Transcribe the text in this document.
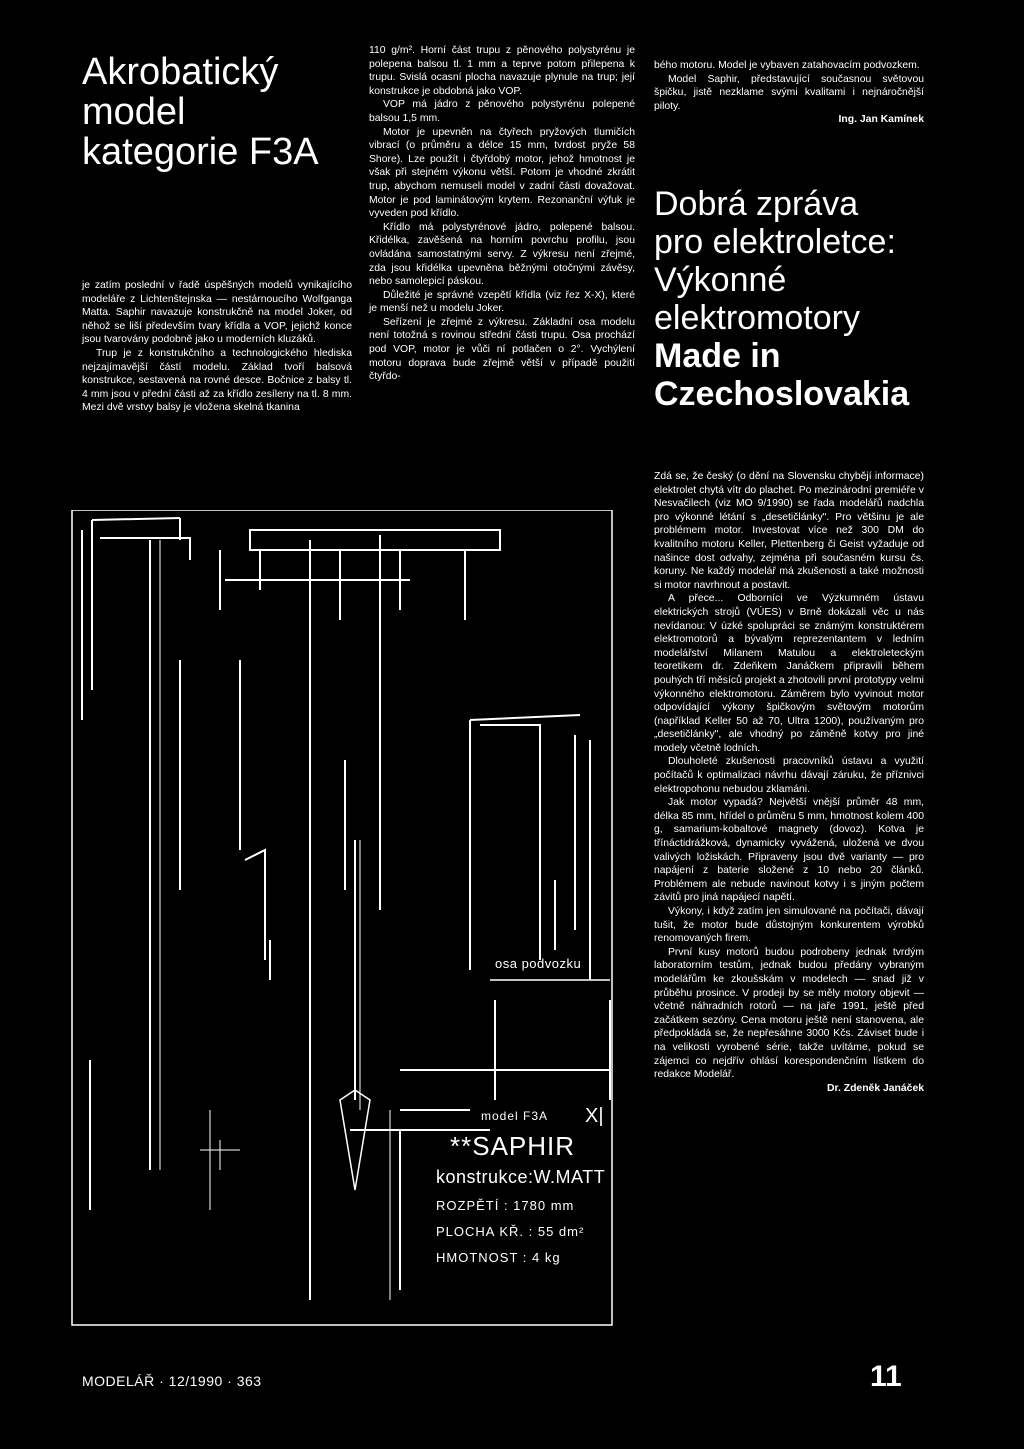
Akrobatický
model
kategorie F3A

je zatím poslední v řadě úspěšných modelů vynikajícího modeláře z Lichtenštejnska — nestárnoucího Wolfganga Matta. Saphir navazuje konstrukčně na model Joker, od něhož se liší především tvary křídla a VOP, jejichž konce jsou tvarovány podobně jako u moderních kluzáků.

Trup je z konstrukčního a technologického hlediska nejzajímavější částí modelu. Základ tvoří balsová konstrukce, sestavená na rovné desce. Bočnice z balsy tl. 4 mm jsou v přední části až za křídlo zesíleny na tl. 8 mm. Mezi dvě vrstvy balsy je vložena skelná tkanina

110 g/m². Horní část trupu z pěnového polystyrénu je polepena balsou tl. 1 mm a teprve potom přilepena k trupu. Svislá ocasní plocha navazuje plynule na trup; její konstrukce je obdobná jako VOP.

VOP má jádro z pěnového polystyrénu polepené balsou 1,5 mm.

Motor je upevněn na čtyřech pryžových tlumičích vibrací (o průměru a délce 15 mm, tvrdost pryže 58 Shore). Lze použít i čtyřdobý motor, jehož hmotnost je však při stejném výkonu větší. Potom je vhodné zkrátit trup, abychom nemuseli model v zadní části dovažovat. Motor je pod laminátovým krytem. Rezonanční výfuk je vyveden pod křídlo.

Křídlo má polystyrénové jádro, polepené balsou. Křidélka, zavěšená na horním povrchu profilu, jsou ovládána samostatnými servy. Z výkresu není zřejmé, zda jsou křidélka upevněna běžnými otočnými závěsy, nebo samolepicí páskou.

Důležité je správné vzepětí křídla (viz řez X-X), které je menší než u modelu Joker.

Seřízení je zřejmé z výkresu. Základní osa modelu není totožná s rovinou střední části trupu. Osa prochází pod VOP, motor je vůči ní potlačen o 2°. Vychýlení motoru doprava bude zřejmě větší v případě použití čtyřdo-

bého motoru. Model je vybaven zatahovacím podvozkem.

Model Saphir, představující současnou světovou špičku, jistě nezklame svými kvalitami i nejnáročnější piloty.

Ing. Jan Kamínek

Dobrá zpráva
pro elektroletce:
Výkonné
elektromotory
Made in
Czechoslovakia

Zdá se, že český (o dění na Slovensku chybějí informace) elektrolet chytá vítr do plachet. Po mezinárodní premiéře v Nesvačilech (viz MO 9/1990) se řada modelářů nadchla pro výkonné létání s „desetičlánky". Pro většinu je ale problémem motor. Investovat více než 300 DM do kvalitního motoru Keller, Plettenberg či Geist vyžaduje od našince dost odvahy, zejména při současném kursu čs. koruny. Ne každý modelář má zkušenosti a také možnosti si motor navrhnout a postavit.

A přece... Odborníci ve Výzkumném ústavu elektrických strojů (VÚES) v Brně dokázali věc u nás nevídanou: V úzké spolupráci se známým konstruktérem elektromotorů a bývalým reprezentantem v ledním modelářství Milanem Matulou a elektroleteckým teoretikem dr. Zdeňkem Janáčkem připravili během pouhých tří měsíců projekt a zhotovili první prototypy velmi výkonného elektromotoru. Záměrem bylo vyvinout motor odpovídající výkony špičkovým světovým motorům (například Keller 50 až 70, Ultra 1200), používaným pro „desetičlánky", ale vhodný po záměně kotvy pro jiné modely včetně lodních.

Dlouholeté zkušenosti pracovníků ústavu a využití počítačů k optimalizaci návrhu dávají záruku, že příznivci elektropohonu nebudou zklamáni.

Jak motor vypadá? Největší vnější průměr 48 mm, délka 85 mm, hřídel o průměru 5 mm, hmotnost kolem 400 g, samarium-kobaltové magnety (dovoz). Kotva je třínáctidrážková, dynamicky vyvážená, uložená ve dvou valivých ložiskách. Připraveny jsou dvě varianty — pro napájení z baterie složené z 10 nebo 20 článků. Problémem ale nebude navinout kotvy i s jiným počtem závitů pro jiná napájecí napětí.

Výkony, i když zatím jen simulované na počítači, dávají tušit, že motor bude důstojným konkurentem výrobků renomovaných firem.

První kusy motorů budou podrobeny jednak tvrdým laboratorním testům, jednak budou předány vybraným modelářům ke zkoušskám v modelech — snad již v průběhu prosince. V prodeji by se měly motory objevit — včetně náhradních rotorů — na jaře 1991, ještě před začátkem sezóny. Cena motoru ještě není stanovena, ale předpokládá se, že nepřesáhne 3000 Kčs. Záviset bude i na velikosti vyrobené série, takže uvítáme, pokud se zájemci co nejdřív ohlásí korespondenčním lístkem do redakce Modelář.

Dr. Zdeněk Janáček

osa podvozku
model F3A X|
**SAPHIR
konstrukce:W.MATT
ROZPĚTÍ : 1780 mm
PLOCHA KŘ. : 55 dm²
HMOTNOST : 4 kg
MODELÁŘ · 12/1990 · 363	11
